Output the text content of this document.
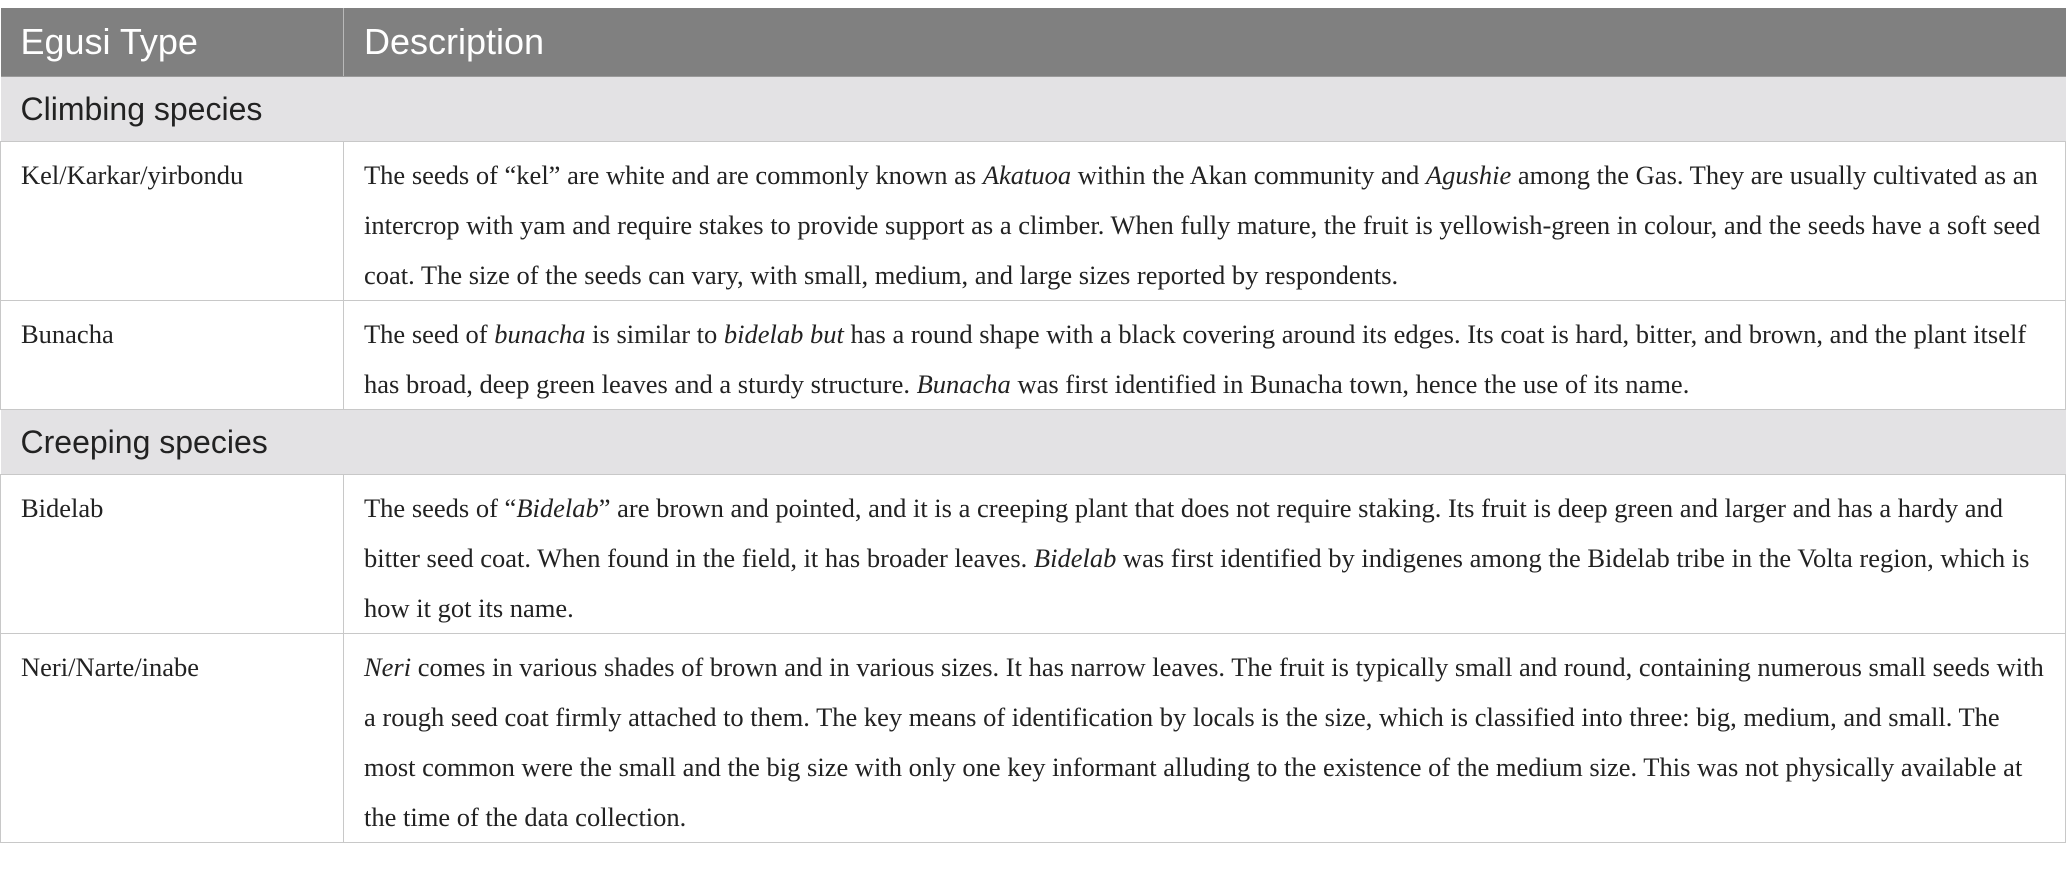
Egusi Type	Description
Climbing species	
Kel/Karkar/yirbondu	The seeds of “kel” are white and are commonly known as Akatuoa within the Akan community and Agushie among the Gas. They are usually cultivated as an intercrop with yam and require stakes to provide support as a climber. When fully mature, the fruit is yellowish-green in colour, and the seeds have a soft seed coat. The size of the seeds can vary, with small, medium, and large sizes reported by respondents.
Bunacha	The seed of bunacha is similar to bidelab but has a round shape with a black covering around its edges. Its coat is hard, bitter, and brown, and the plant itself has broad, deep green leaves and a sturdy structure. Bunacha was first identified in Bunacha town, hence the use of its name.
Creeping species	
Bidelab	The seeds of “Bidelab” are brown and pointed, and it is a creeping plant that does not require staking. Its fruit is deep green and larger and has a hardy and bitter seed coat. When found in the field, it has broader leaves. Bidelab was first identified by indigenes among the Bidelab tribe in the Volta region, which is how it got its name.
Neri/Narte/inabe	Neri comes in various shades of brown and in various sizes. It has narrow leaves. The fruit is typically small and round, containing numerous small seeds with a rough seed coat firmly attached to them. The key means of identification by locals is the size, which is classified into three: big, medium, and small. The most common were the small and the big size with only one key informant alluding to the existence of the medium size. This was not physically available at the time of the data collection.
